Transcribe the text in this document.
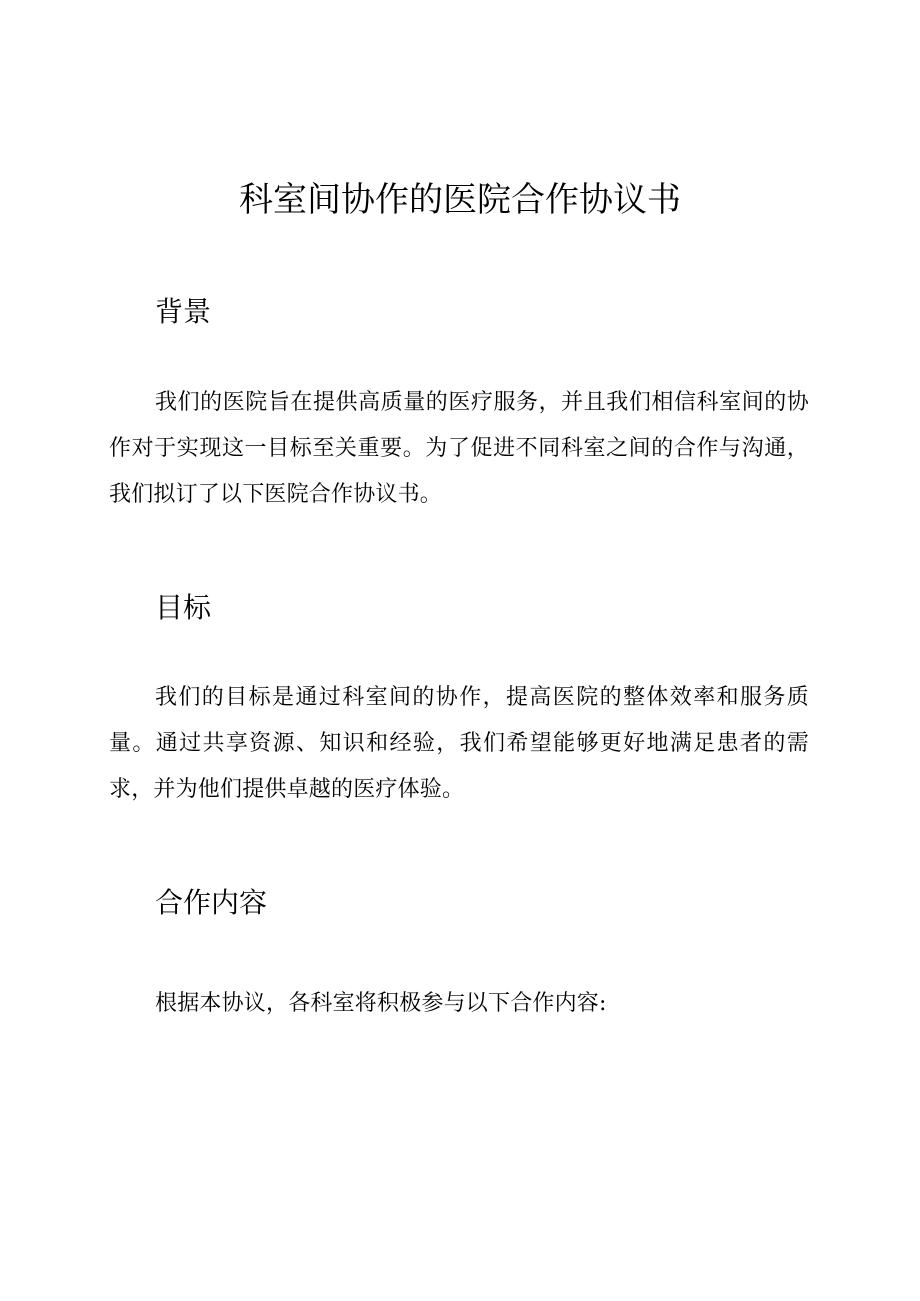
科室间协作的医院合作协议书
背景

我们的医院旨在提供高质量的医疗服务，并且我们相信科室间的协作对于实现这一目标至关重要。为了促进不同科室之间的合作与沟通，我们拟订了以下医院合作协议书。

目标

我们的目标是通过科室间的协作，提高医院的整体效率和服务质量。通过共享资源、知识和经验，我们希望能够更好地满足患者的需求，并为他们提供卓越的医疗体验。

合作内容

根据本协议，各科室将积极参与以下合作内容:
